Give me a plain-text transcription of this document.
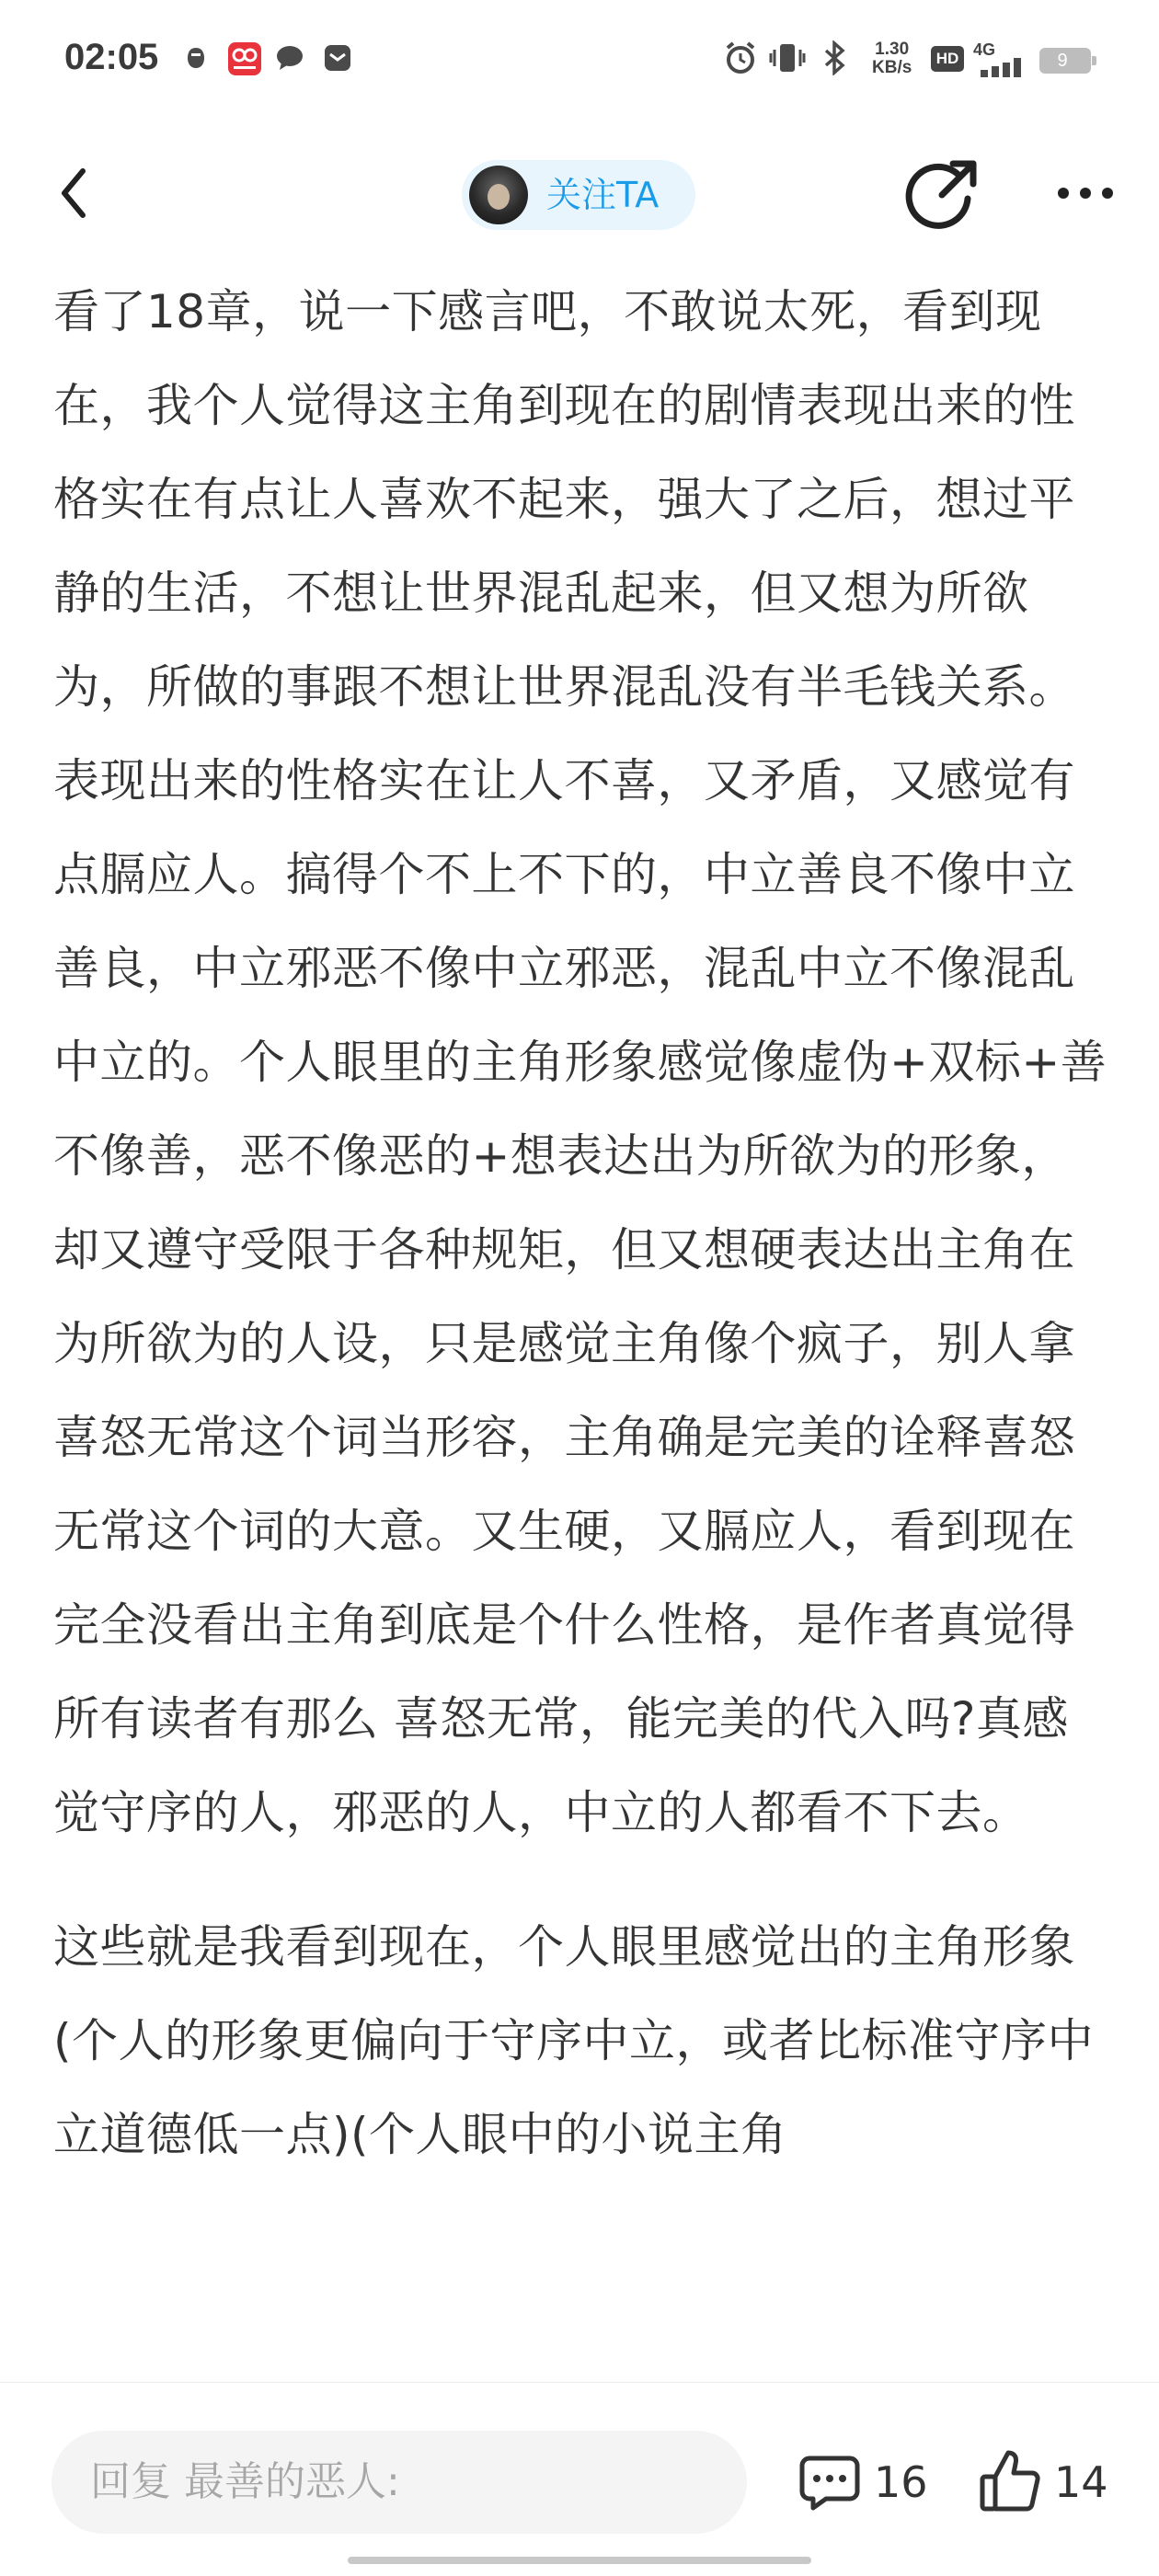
02:05	1.30
KB/s	HD 4G
9
关注TA

看了18章，说一下感言吧，不敢说太死，看到现在，我个人觉得这主角到现在的剧情表现出来的性格实在有点让人喜欢不起来，强大了之后，想过平静的生活，不想让世界混乱起来，但又想为所欲为，所做的事跟不想让世界混乱没有半毛钱关系。表现出来的性格实在让人不喜，又矛盾，又感觉有点膈应人。搞得个不上不下的，中立善良不像中立善良，中立邪恶不像中立邪恶，混乱中立不像混乱中立的。个人眼里的主角形象感觉像虚伪+双标+善不像善，恶不像恶的+想表达出为所欲为的形象，却又遵守受限于各种规矩，但又想硬表达出主角在为所欲为的人设，只是感觉主角像个疯子，别人拿喜怒无常这个词当形容，主角确是完美的诠释喜怒无常这个词的大意。又生硬，又膈应人，看到现在完全没看出主角到底是个什么性格，是作者真觉得所有读者有那么 喜怒无常，能完美的代入吗?真感觉守序的人，邪恶的人，中立的人都看不下去。

这些就是我看到现在，个人眼里感觉出的主角形象(个人的形象更偏向于守序中立，或者比标准守序中立道德低一点)(个人眼中的小说主角

回复 最善的恶人:	16	14
